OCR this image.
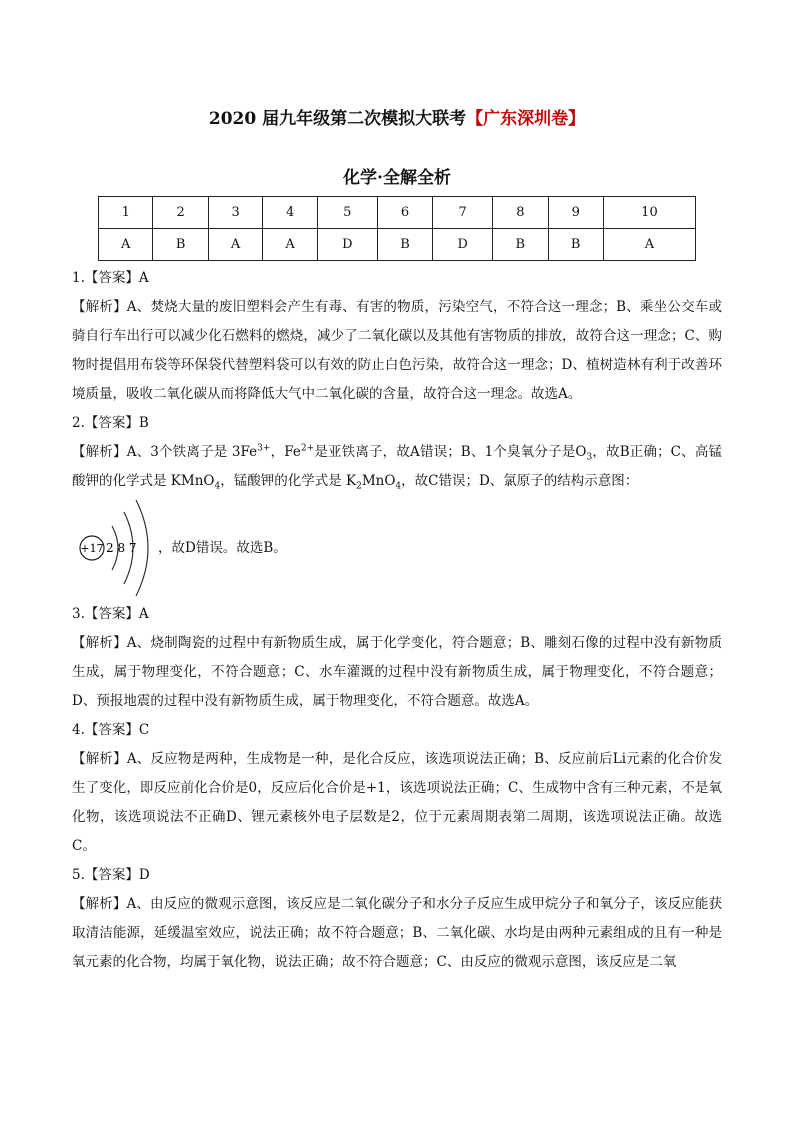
2020 届九年级第二次模拟大联考【广东深圳卷】
化学·全解全析
1	2	3	4	5	6	7	8	9	10
A	B	A	A	D	B	D	B	B	A

1.【答案】A

【解析】A、焚烧大量的废旧塑料会产生有毒、有害的物质，污染空气，不符合这一理念；B、乘坐公交车或骑自行车出行可以减少化石燃料的燃烧，减少了二氧化碳以及其他有害物质的排放，故符合这一理念；C、购物时提倡用布袋等环保袋代替塑料袋可以有效的防止白色污染，故符合这一理念；D、植树造林有利于改善环境质量，吸收二氧化碳从而将降低大气中二氧化碳的含量，故符合这一理念。故选A。

2.【答案】B

【解析】A、3个铁离子是 $3Fe^{3+}$，$Fe^{2+}$是亚铁离子，故A错误；B、1个臭氧分子是$O_3$，故B正确；C、高锰酸钾的化学式是 KMnO$_4$，锰酸钾的化学式是 $K_2MnO_4$，故C错误；D、氯原子的结构示意图：

+17 2 8 7 ，故D错误。故选B。

3.【答案】A

【解析】A、烧制陶瓷的过程中有新物质生成，属于化学变化，符合题意；B、雕刻石像的过程中没有新物质生成，属于物理变化，不符合题意；C、水车灌溉的过程中没有新物质生成，属于物理变化，不符合题意；D、预报地震的过程中没有新物质生成，属于物理变化，不符合题意。故选A。

4.【答案】C

【解析】A、反应物是两种，生成物是一种，是化合反应，该选项说法正确；B、反应前后Li元素的化合价发生了变化，即反应前化合价是0，反应后化合价是+1，该选项说法正确；C、生成物中含有三种元素，不是氧化物，该选项说法不正确D、锂元素核外电子层数是2，位于元素周期表第二周期，该选项说法正确。故选C。

5.【答案】D

【解析】A、由反应的微观示意图，该反应是二氧化碳分子和水分子反应生成甲烷分子和氧分子，该反应能获取清洁能源，延缓温室效应，说法正确；故不符合题意；B、二氧化碳、水均是由两种元素组成的且有一种是氧元素的化合物，均属于氧化物，说法正确；故不符合题意；C、由反应的微观示意图，该反应是二氧
